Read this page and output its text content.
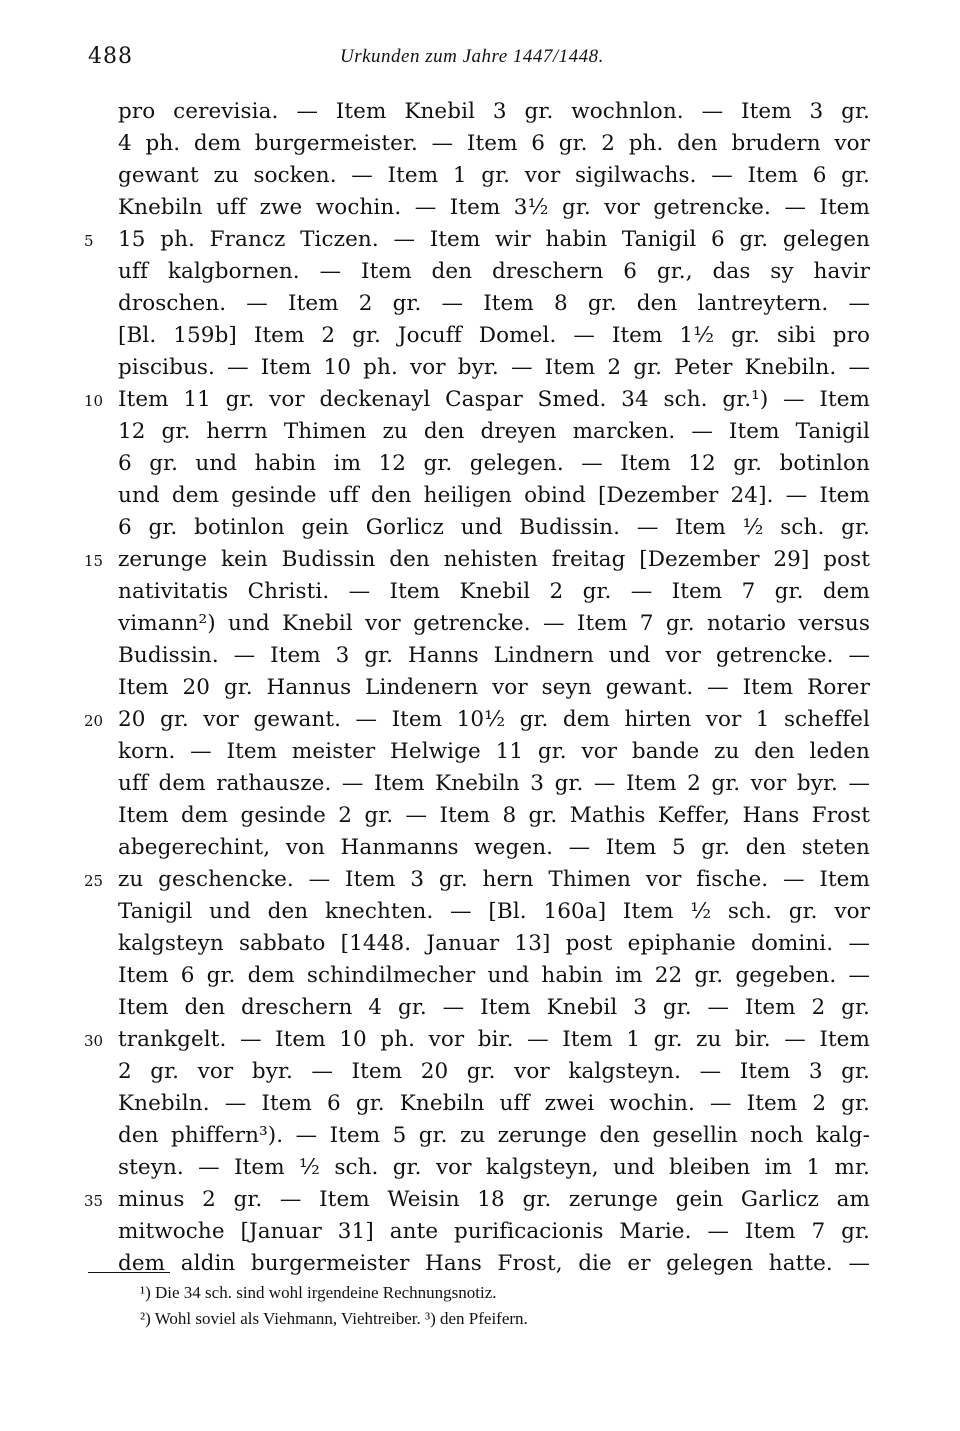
488	Urkunden zum Jahre 1447/1448.
pro cerevisia. — Item Knebil 3 gr. wochnlon. — Item 3 gr.
4 ph. dem burgermeister. — Item 6 gr. 2 ph. den brudern vor
gewant zu socken. — Item 1 gr. vor sigilwachs. — Item 6 gr.
Knebiln uff zwe wochin. — Item 3½ gr. vor getrencke. — Item
15 ph. Francz Ticzen. — Item wir habin Tanigil 6 gr. gelegen
uff kalgbornen. — Item den dreschern 6 gr., das sy havir
droschen. — Item 2 gr. — Item 8 gr. den lantreytern. —
[Bl. 159b] Item 2 gr. Jocuff Domel. — Item 1½ gr. sibi pro
piscibus. — Item 10 ph. vor byr. — Item 2 gr. Peter Knebiln. —
Item 11 gr. vor deckenayl Caspar Smed. 34 sch. gr.¹) — Item
12 gr. herrn Thimen zu den dreyen marcken. — Item Tanigil
6 gr. und habin im 12 gr. gelegen. — Item 12 gr. botinlon
und dem gesinde uff den heiligen obind [Dezember 24]. — Item
6 gr. botinlon gein Gorlicz und Budissin. — Item ½ sch. gr.
zerunge kein Budissin den nehisten freitag [Dezember 29] post
nativitatis Christi. — Item Knebil 2 gr. — Item 7 gr. dem
vimann²) und Knebil vor getrencke. — Item 7 gr. notario versus
Budissin. — Item 3 gr. Hanns Lindnern und vor getrencke. —
Item 20 gr. Hannus Lindenern vor seyn gewant. — Item Rorer
20 gr. vor gewant. — Item 10½ gr. dem hirten vor 1 scheffel
korn. — Item meister Helwige 11 gr. vor bande zu den leden
uff dem rathausze. — Item Knebiln 3 gr. — Item 2 gr. vor byr. —
Item dem gesinde 2 gr. — Item 8 gr. Mathis Keffer, Hans Frost
abegerechint, von Hanmanns wegen. — Item 5 gr. den steten
zu geschencke. — Item 3 gr. hern Thimen vor fische. — Item
Tanigil und den knechten. — [Bl. 160a] Item ½ sch. gr. vor
kalgsteyn sabbato [1448. Januar 13] post epiphanie domini. —
Item 6 gr. dem schindilmecher und habin im 22 gr. gegeben. —
Item den dreschern 4 gr. — Item Knebil 3 gr. — Item 2 gr.
trankgelt. — Item 10 ph. vor bir. — Item 1 gr. zu bir. — Item
2 gr. vor byr. — Item 20 gr. vor kalgsteyn. — Item 3 gr.
Knebiln. — Item 6 gr. Knebiln uff zwei wochin. — Item 2 gr.
den phiffern³). — Item 5 gr. zu zerunge den gesellin noch kalg-
steyn. — Item ½ sch. gr. vor kalgsteyn, und bleiben im 1 mr.
minus 2 gr. — Item Weisin 18 gr. zerunge gein Garlicz am
mitwoche [Januar 31] ante purificacionis Marie. — Item 7 gr.
dem aldin burgermeister Hans Frost, die er gelegen hatte. —
5
10
15
20
25
30
35
¹) Die 34 sch. sind wohl irgendeine Rechnungsnotiz.
²) Wohl soviel als Viehmann, Viehtreiber. ³) den Pfeifern.
